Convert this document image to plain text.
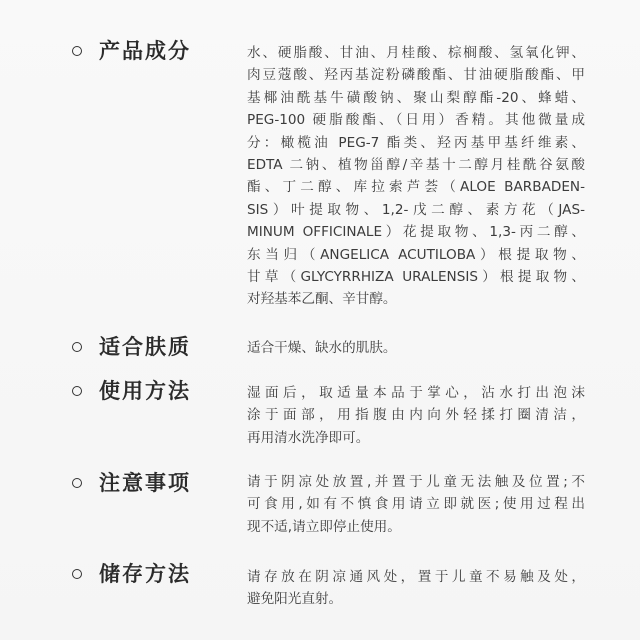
产品成分	水、硬脂酸、甘油、月桂酸、棕榈酸、氢氧化钾、
肉豆蔻酸、羟丙基淀粉磷酸酯、甘油硬脂酸酯、甲
基椰油酰基牛磺酸钠、聚山梨醇酯-20、蜂蜡、
PEG-100 硬脂酸酯、（日用）香精。其他微量成
分：橄榄油 PEG-7 酯类、羟丙基甲基纤维素、
EDTA 二钠、植物甾醇/辛基十二醇月桂酰谷氨酸
酯、丁二醇、库拉索芦荟（ALOE BARBADEN-
SIS）叶提取物、1,2-戊二醇、素方花（JAS-
MINUM OFFICINALE）花提取物、1,3-丙二醇、
东当归（ANGELICA ACUTILOBA）根提取物、
甘草（GLYCYRRHIZA URALENSIS）根提取物、
对羟基苯乙酮、辛甘醇。
适合肤质	适合干燥、缺水的肌肤。
使用方法	湿面后，取适量本品于掌心，沾水打出泡沫
涂于面部，用指腹由内向外轻揉打圈清洁，
再用清水洗净即可。
注意事项	请于阴凉处放置,并置于儿童无法触及位置;不
可食用,如有不慎食用请立即就医;使用过程出
现不适,请立即停止使用。
储存方法	请存放在阴凉通风处，置于儿童不易触及处，
避免阳光直射。
